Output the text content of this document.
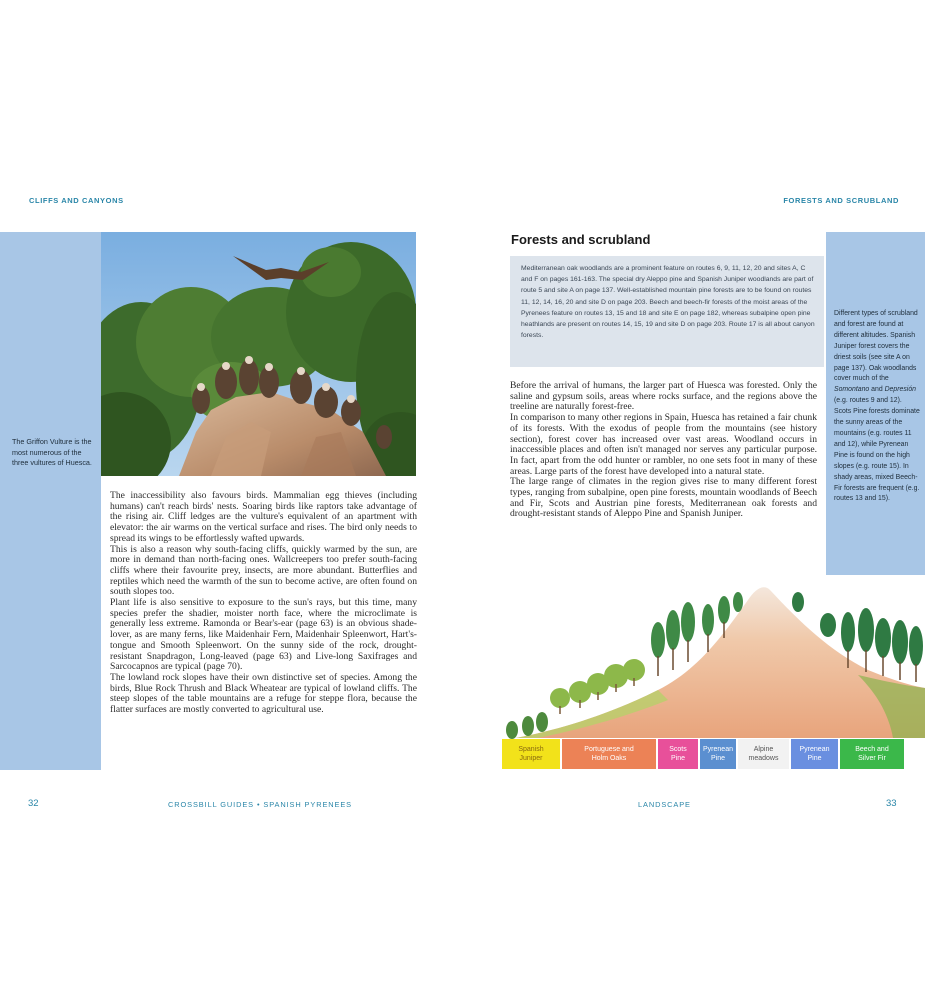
CLIFFS AND CANYONS	FORESTS AND SCRUBLAND
The Griffon Vulture is the most numerous of the three vultures of Huesca.

The inaccessibility also favours birds. Mammalian egg thieves (including humans) can't reach birds' nests. Soaring birds like raptors take advantage of the rising air. Cliff ledges are the vulture's equivalent of an apartment with elevator: the air warms on the vertical surface and rises. The bird only needs to spread its wings to be effortlessly wafted upwards.

This is also a reason why south-facing cliffs, quickly warmed by the sun, are more in demand than north-facing ones. Wallcreepers too prefer south-facing cliffs where their favourite prey, insects, are more abundant. Butterflies and reptiles which need the warmth of the sun to become active, are often found on south slopes too.

Plant life is also sensitive to exposure to the sun's rays, but this time, many species prefer the shadier, moister north face, where the microclimate is generally less extreme. Ramonda or Bear's-ear (page 63) is an obvious shade-lover, as are many ferns, like Maidenhair Fern, Maidenhair Spleenwort, Hart's-tongue and Smooth Spleenwort. On the sunny side of the rock, drought-resistant Snapdragon, Long-leaved (page 63) and Live-long Saxifrages and Sarcocapnos are typical (page 70).

The lowland rock slopes have their own distinctive set of species. Among the birds, Blue Rock Thrush and Black Wheatear are typical of lowland cliffs. The steep slopes of the table mountains are a refuge for steppe flora, because the flatter surfaces are mostly converted to agricultural use.

Forests and scrubland
Mediterranean oak woodlands are a prominent feature on routes 6, 9, 11, 12, 20 and sites A, C and F on pages 161-163. The special dry Aleppo pine and Spanish Juniper woodlands are part of route 5 and site A on page 137. Well-established mountain pine forests are to be found on routes 11, 12, 14, 16, 20 and site D on page 203. Beech and beech-fir forests of the moist areas of the Pyrenees feature on routes 13, 15 and 18 and site E on page 182, whereas subalpine open pine heathlands are present on routes 14, 15, 19 and site D on page 203. Route 17 is all about canyon forests.
Different types of scrubland and forest are found at different altitudes. Spanish Juniper forest covers the driest soils (see site A on page 137). Oak woodlands cover much of the Somontano and Depresión (e.g. routes 9 and 12). Scots Pine forests dominate the sunny areas of the mountains (e.g. routes 11 and 12), while Pyrenean Pine is found on the high slopes (e.g. route 15). In shady areas, mixed Beech-Fir forests are frequent (e.g. routes 13 and 15).

Before the arrival of humans, the larger part of Huesca was forested. Only the saline and gypsum soils, areas where rocks surface, and the regions above the treeline are naturally forest-free.

In comparison to many other regions in Spain, Huesca has retained a fair chunk of its forests. With the exodus of people from the mountains (see history section), forest cover has increased over vast areas. Woodland occurs in inaccessible places and often isn't managed nor serves any particular purpose. In fact, apart from the odd hunter or rambler, no one sets foot in many of these areas. Large parts of the forest have developed into a natural state.

The large range of climates in the region gives rise to many different forest types, ranging from subalpine, open pine forests, mountain woodlands of Beech and Fir, Scots and Austrian pine forests, Mediterranean oak forests and drought-resistant stands of Aleppo Pine and Spanish Juniper.

Spanish
Juniper
Portuguese and
Holm Oaks
Scots
Pine
Pyrenean
Pine
Alpine
meadows
Pyrenean
Pine
Beech and
Silver Fir
32	CROSSBILL GUIDES • SPANISH PYRENEES	LANDSCAPE	33
